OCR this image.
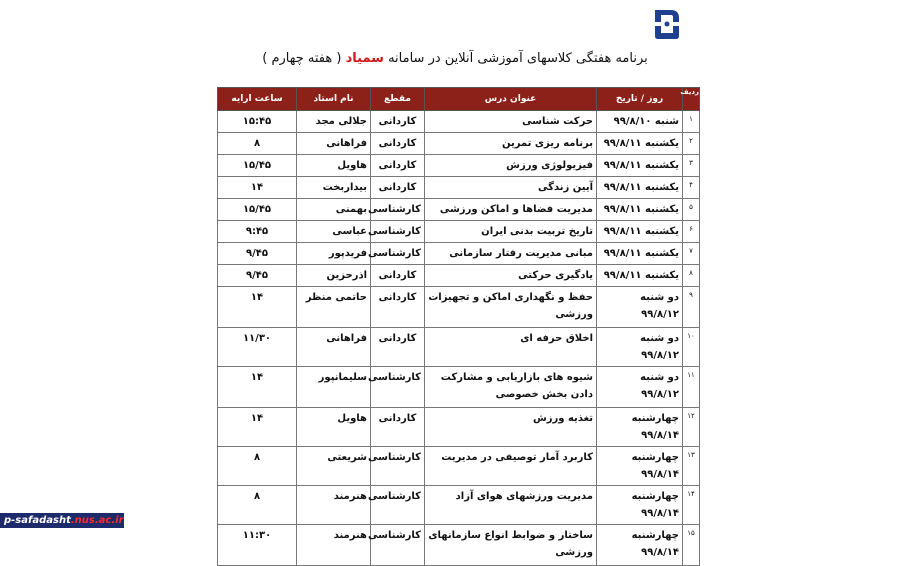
برنامه هفتگی کلاسهای آموزشی آنلاین در سامانه سمیاد ( هفته چهارم )
ردیف	روز / تاریخ	عنوان درس	مقطع	نام استاد	ساعت ارایه
۱	شنبه ۹۹/۸/۱۰	حرکت شناسی	کاردانی	جلالی مجد	۱۵:۴۵
۲	یکشنبه ۹۹/۸/۱۱	برنامه ریزی تمرین	کاردانی	فراهانی	۸
۳	یکشنبه ۹۹/۸/۱۱	فیزیولوژی ورزش	کاردانی	هاویل	۱۵/۴۵
۴	یکشنبه ۹۹/۸/۱۱	آیین زندگی	کاردانی	بیداربخت	۱۴
۵	یکشنبه ۹۹/۸/۱۱	مدیریت فضاها و اماکن ورزشی	کارشناسی	بهمنی	۱۵/۴۵
۶	یکشنبه ۹۹/۸/۱۱	تاریخ تربیت بدنی ایران	کارشناسی	عباسی	۹:۴۵
۷	یکشنبه ۹۹/۸/۱۱	مبانی مدیریت رفتار سازمانی	کارشناسی	فریدپور	۹/۴۵
۸	یکشنبه ۹۹/۸/۱۱	یادگیری حرکتی	کاردانی	اذرحزین	۹/۴۵
۹	دو شنبه ۹۹/۸/۱۲	حفظ و نگهداری اماکن و تجهیزات ورزشی	کاردانی	حاتمی منظر	۱۴
۱۰	دو شنبه ۹۹/۸/۱۲	اخلاق حرفه ای	کاردانی	فراهانی	۱۱/۳۰
۱۱	دو شنبه ۹۹/۸/۱۲	شیوه های بازاریابی و مشارکت دادن بخش خصوصی	کارشناسی	سلیمانپور	۱۴
۱۲	چهارشنبه ۹۹/۸/۱۴	تغذیه ورزش	کاردانی	هاویل	۱۴
۱۳	چهارشنبه ۹۹/۸/۱۴	کاربرد آمار توصیفی در مدیریت	کارشناسی	شریعتی	۸
۱۴	چهارشنبه ۹۹/۸/۱۴	مدیریت ورزشهای هوای آزاد	کارشناسی	هنرمند	۸
۱۵	چهارشنبه ۹۹/۸/۱۴	ساختار و ضوابط انواع سازمانهای ورزشی	کارشناسی	هنرمند	۱۱:۳۰
p-safadasht.nus.ac.ir
